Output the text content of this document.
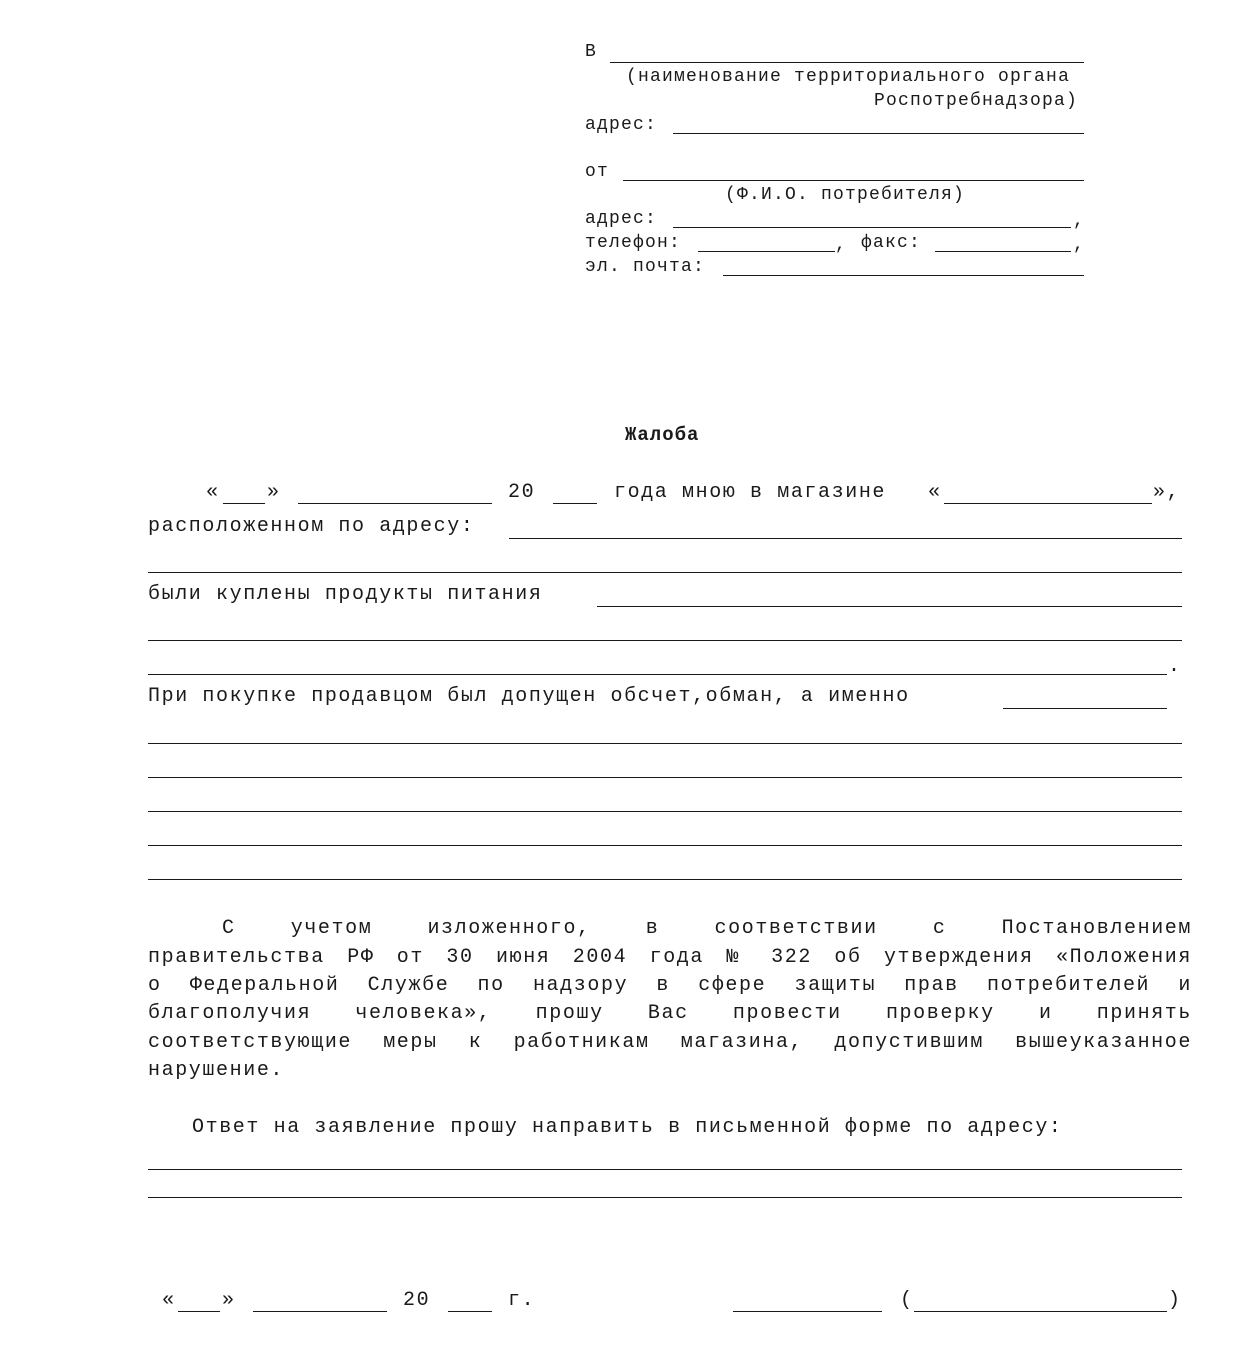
В
(наименование территориального органа
Роспотребнадзора)
адрес:
от
(Ф.И.О. потребителя)
адрес:	,
телефон:	, факс:	,
эл. почта:
Жалоба
« »	20	года мною в магазине «	»,
расположенном по адресу:
были куплены продукты питания
.
При покупке продавцом был допущен обсчет,обман, а именно
С учетом изложенного, в соответствии с Постановлением
правительства РФ от 30 июня 2004 года № 322 об утверждения «Положения
о Федеральной Службе по надзору в сфере защиты прав потребителей и
благополучия человека», прошу Вас провести проверку и принять
соответствующие меры к работникам магазина, допустившим вышеуказанное
нарушение.
Ответ на заявление прошу направить в письменной форме по адресу:
« »	20	г.	(	)
